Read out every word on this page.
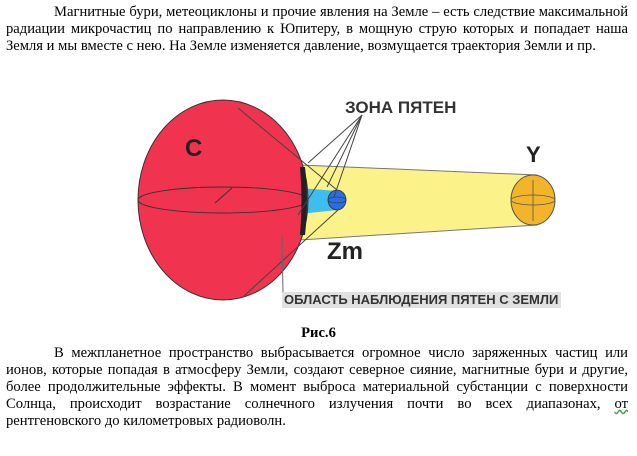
Магнитные бури, метеоциклоны и прочие явления на Земле – есть следствие максимальной радиации микрочастиц по направлению к Юпитеру, в мощную струю которых и попадает наша Земля и мы вместе с нею. На Земле изменяется давление, возмущается траектория Земли и пр.

С	Y
Zm
ЗОНА ПЯТЕН
ОБЛАСТЬ НАБЛЮДЕНИЯ ПЯТЕН С ЗЕМЛИ

Рис.6

В межпланетное пространство выбрасывается огромное число заряженных частиц или ионов, которые попадая в атмосферу Земли, создают северное сияние, магнитные бури и другие, более продолжительные эффекты. В момент выброса материальной субстанции с поверхности Солнца, происходит возрастание солнечного излучения почти во всех диапазонах, от рентгеновского до километровых радиоволн.
